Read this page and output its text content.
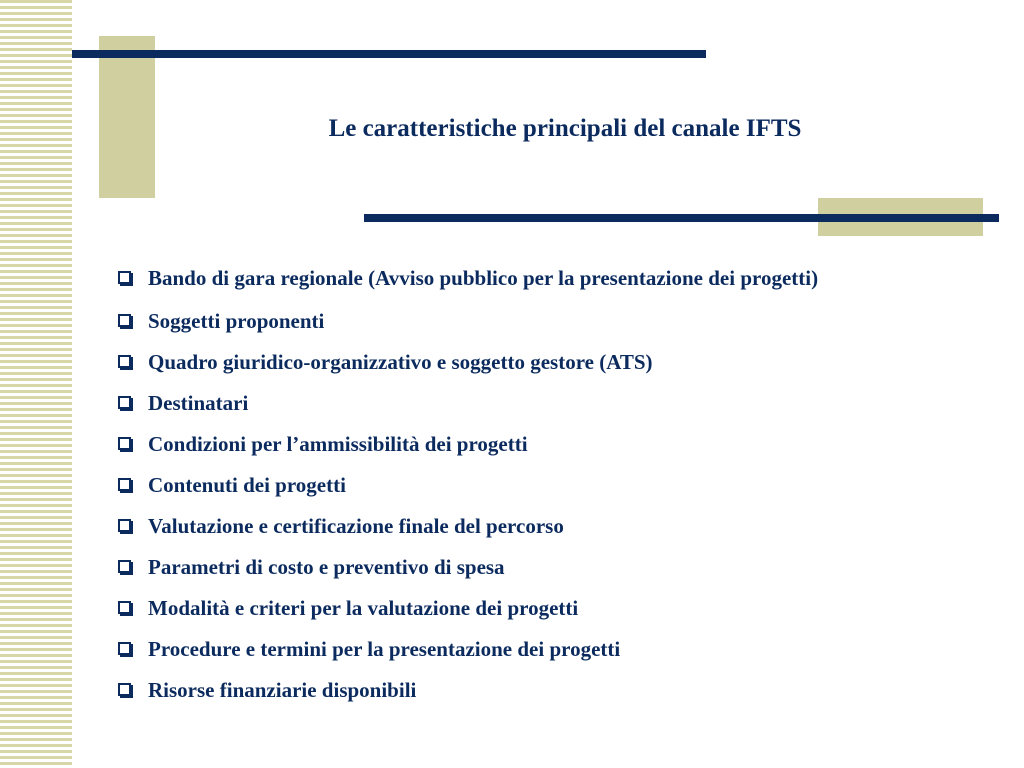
Le caratteristiche principali del canale IFTS
Bando di gara regionale (Avviso pubblico per la presentazione dei progetti)
Soggetti proponenti
Quadro giuridico-organizzativo e soggetto gestore (ATS)
Destinatari
Condizioni per l’ammissibilità dei progetti
Contenuti dei progetti
Valutazione e certificazione finale del percorso
Parametri di costo e preventivo di spesa
Modalità e criteri per la valutazione dei progetti
Procedure e termini per la presentazione dei progetti
Risorse finanziarie disponibili
